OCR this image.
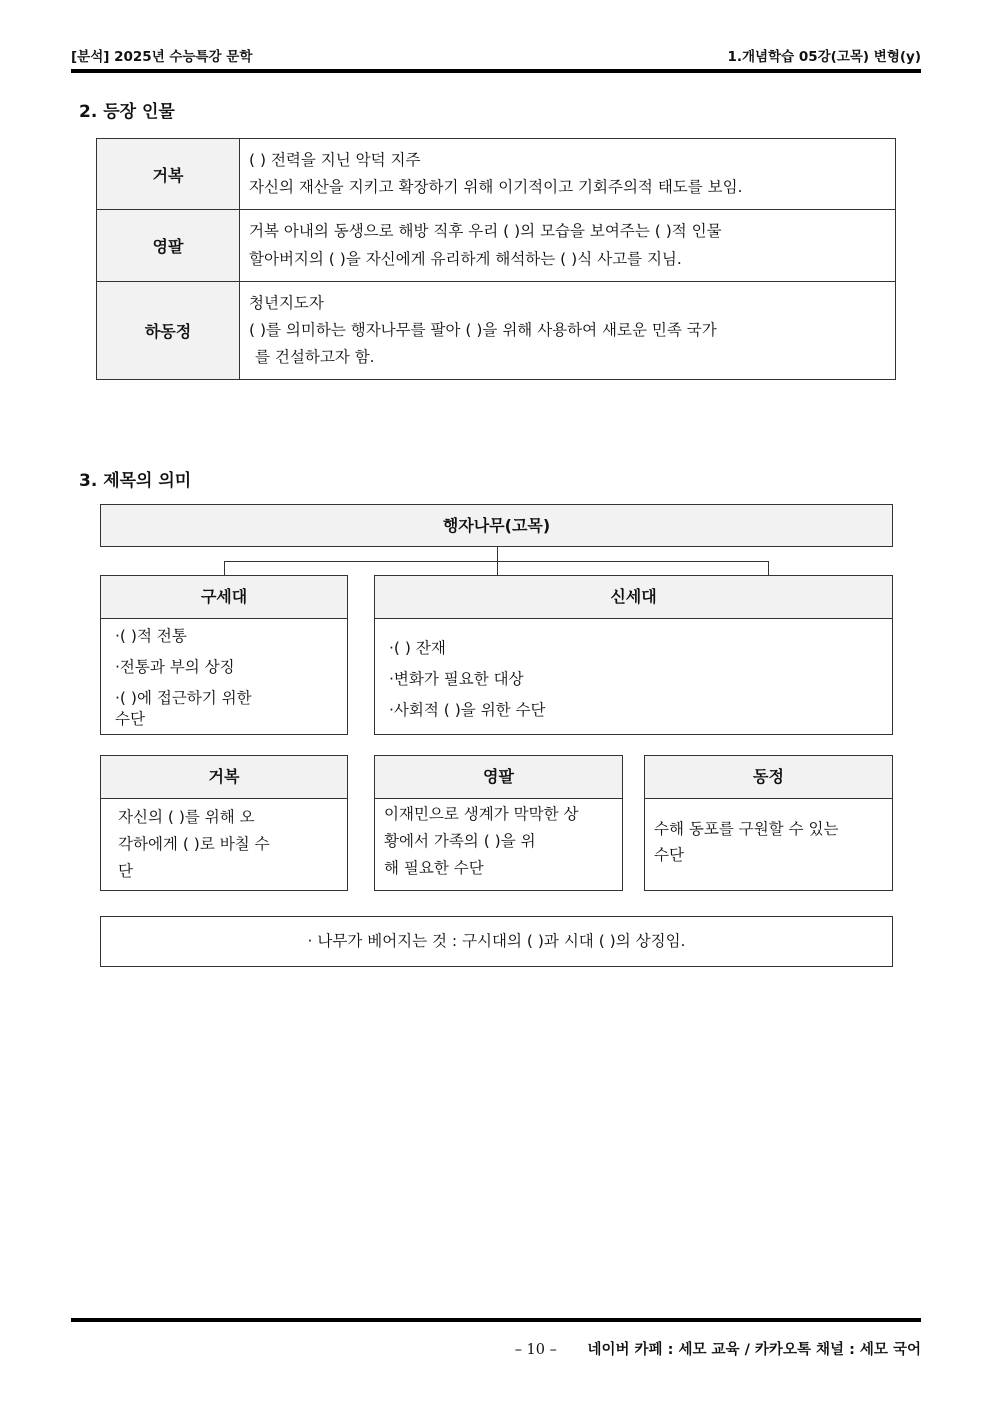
[분석] 2025년 수능특강 문학	1.개념학습 05강(고목) 변형(y)
2. 등장 인물
거복	( ) 전력을 지닌 악덕 지주
자신의 재산을 지키고 확장하기 위해 이기적이고 기회주의적 태도를 보임.

영팔	거복 아내의 동생으로 해방 직후 우리 ( )의 모습을 보여주는 ( )적 인물
할아버지의 ( )을 자신에게 유리하게 해석하는 ( )식 사고를 지님.

하동정	청년지도자
( )를 의미하는 행자나무를 팔아 ( )을 위해 사용하여 새로운 민족 국가
를 건설하고자 함.
3. 제목의 의미
행자나무(고목)
구세대
·( )적 전통
·전통과 부의 상징
·( )에 접근하기 위한
수단
신세대
·( ) 잔재
·변화가 필요한 대상
·사회적 ( )을 위한 수단
거복
자신의 ( )를 위해 오
각하에게 ( )로 바칠 수
단
영팔
이재민으로 생계가 막막한 상
황에서 가족의 ( )을 위
해 필요한 수단
동정
수해 동포를 구원할 수 있는
수단
· 나무가 베어지는 것 : 구시대의 ( )과 시대 ( )의 상징임.
– 10 – 네이버 카페 : 세모 교육 / 카카오톡 채널 : 세모 국어
